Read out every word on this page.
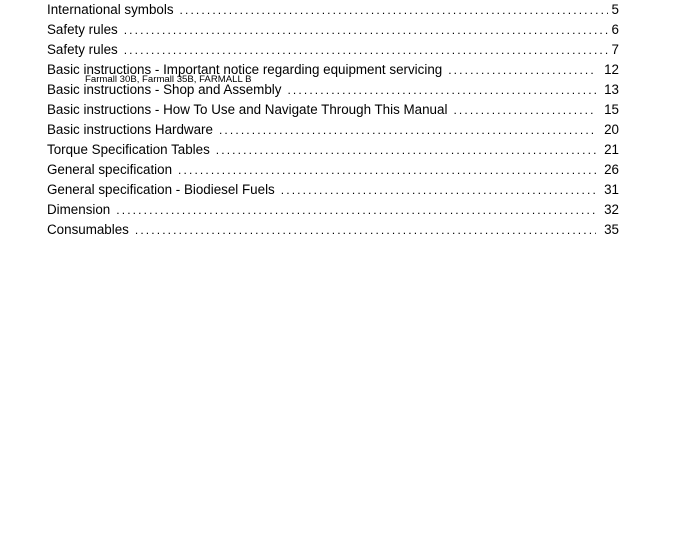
International symbols . . .	5
Safety rules . . .	6
Safety rules . . .	7
Basic instructions - Important notice regarding equipment servicing . . .	12
Farmall 30B, Farmall 35B, FARMALL B
Basic instructions - Shop and Assembly . . .	13
Basic instructions - How To Use and Navigate Through This Manual . . .	15
Basic instructions Hardware . . .	20
Torque Specification Tables . . .	21
General specification . . .	26
General specification - Biodiesel Fuels . . .	31
Dimension . . .	32
Consumables . . .	35
